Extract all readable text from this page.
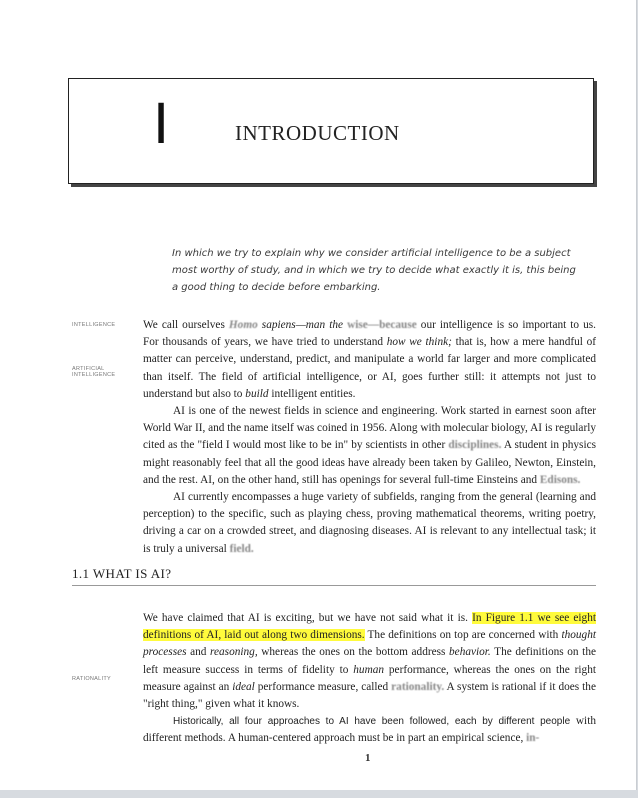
I	INTRODUCTION
In which we try to explain why we consider artificial intelligence to be a subject most worthy of study, and in which we try to decide what exactly it is, this being a good thing to decide before embarking.
INTELLIGENCE
ARTIFICIAL
INTELLIGENCE
RATIONALITY

We call ourselves Homo sapiens—man the wise—because our intelligence is so important to us. For thousands of years, we have tried to understand how we think; that is, how a mere handful of matter can perceive, understand, predict, and manipulate a world far larger and more complicated than itself. The field of artificial intelligence, or AI, goes further still: it attempts not just to understand but also to build intelligent entities.

AI is one of the newest fields in science and engineering. Work started in earnest soon after World War II, and the name itself was coined in 1956. Along with molecular biology, AI is regularly cited as the "field I would most like to be in" by scientists in other disciplines. A student in physics might reasonably feel that all the good ideas have already been taken by Galileo, Newton, Einstein, and the rest. AI, on the other hand, still has openings for several full-time Einsteins and Edisons.

AI currently encompasses a huge variety of subfields, ranging from the general (learning and perception) to the specific, such as playing chess, proving mathematical theorems, writing poetry, driving a car on a crowded street, and diagnosing diseases. AI is relevant to any intellectual task; it is truly a universal field.

1.1 WHAT IS AI?

We have claimed that AI is exciting, but we have not said what it is. In Figure 1.1 we see eight definitions of AI, laid out along two dimensions. The definitions on top are concerned with thought processes and reasoning, whereas the ones on the bottom address behavior. The definitions on the left measure success in terms of fidelity to human performance, whereas the ones on the right measure against an ideal performance measure, called rationality. A system is rational if it does the "right thing," given what it knows.

Historically, all four approaches to AI have been followed, each by different people with different methods. A human-centered approach must be in part an empirical science, in-

1
